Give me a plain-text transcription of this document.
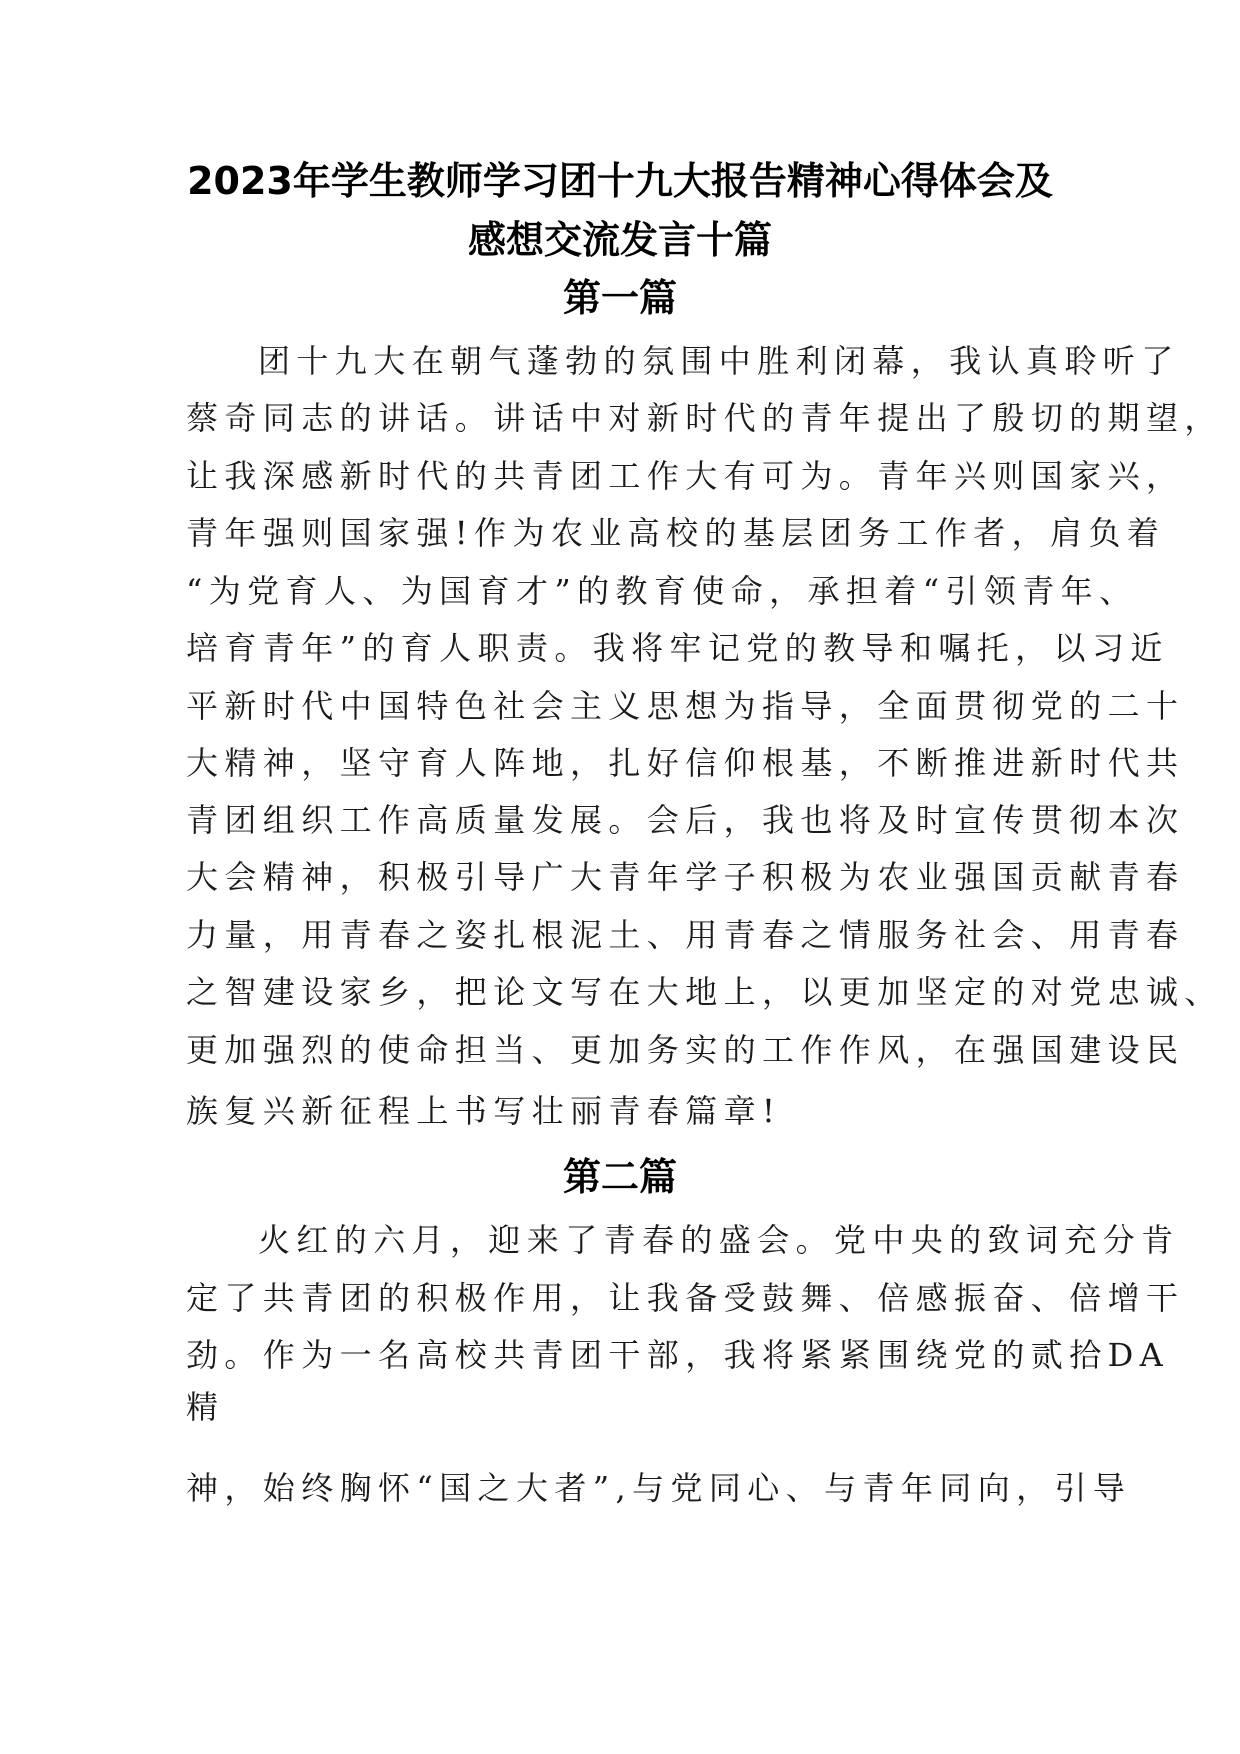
2023年学生教师学习团十九大报告精神心得体会及
感想交流发言十篇
第一篇
团十九大在朝气蓬勃的氛围中胜利闭幕，我认真聆听了
蔡奇同志的讲话。讲话中对新时代的青年提出了殷切的期望，
让我深感新时代的共青团工作大有可为。青年兴则国家兴，
青年强则国家强!作为农业高校的基层团务工作者，肩负着
“为党育人、为国育才”的教育使命，承担着“引领青年、
培育青年”的育人职责。我将牢记党的教导和嘱托，以习近
平新时代中国特色社会主义思想为指导，全面贯彻党的二十
大精神，坚守育人阵地，扎好信仰根基，不断推进新时代共
青团组织工作高质量发展。会后，我也将及时宣传贯彻本次
大会精神，积极引导广大青年学子积极为农业强国贡献青春
力量，用青春之姿扎根泥土、用青春之情服务社会、用青春
之智建设家乡，把论文写在大地上，以更加坚定的对党忠诚、
更加强烈的使命担当、更加务实的工作作风，在强国建设民
族复兴新征程上书写壮丽青春篇章!
第二篇
火红的六月，迎来了青春的盛会。党中央的致词充分肯
定了共青团的积极作用，让我备受鼓舞、倍感振奋、倍增干
劲。作为一名高校共青团干部，我将紧紧围绕党的贰拾DA
精
神，始终胸怀“国之大者”,与党同心、与青年同向，引导
